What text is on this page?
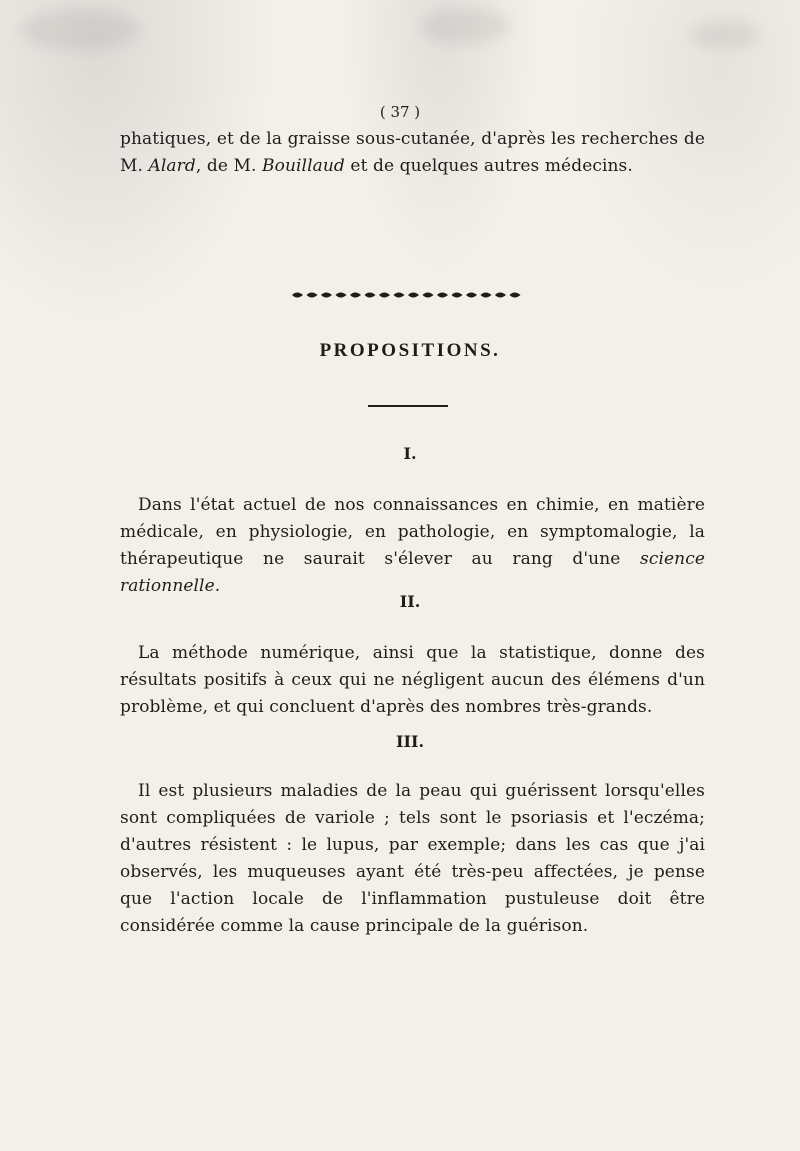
( 37 )
phatiques, et de la graisse sous-cutanée, d'après les recherches de M. Alard, de M. Bouillaud et de quelques autres médecins.
PROPOSITIONS.
I.
Dans l'état actuel de nos connaissances en chimie, en matière médicale, en physiologie, en pathologie, en symptomalogie, la thérapeutique ne saurait s'élever au rang d'une science rationnelle.
II.
La méthode numérique, ainsi que la statistique, donne des résultats positifs à ceux qui ne négligent aucun des élémens d'un problème, et qui concluent d'après des nombres très-grands.
III.
Il est plusieurs maladies de la peau qui guérissent lorsqu'elles sont compliquées de variole ; tels sont le psoriasis et l'eczéma; d'autres résistent : le lupus, par exemple; dans les cas que j'ai observés, les muqueuses ayant été très-peu affectées, je pense que l'action locale de l'inflammation pustuleuse doit être considérée comme la cause principale de la guérison.
